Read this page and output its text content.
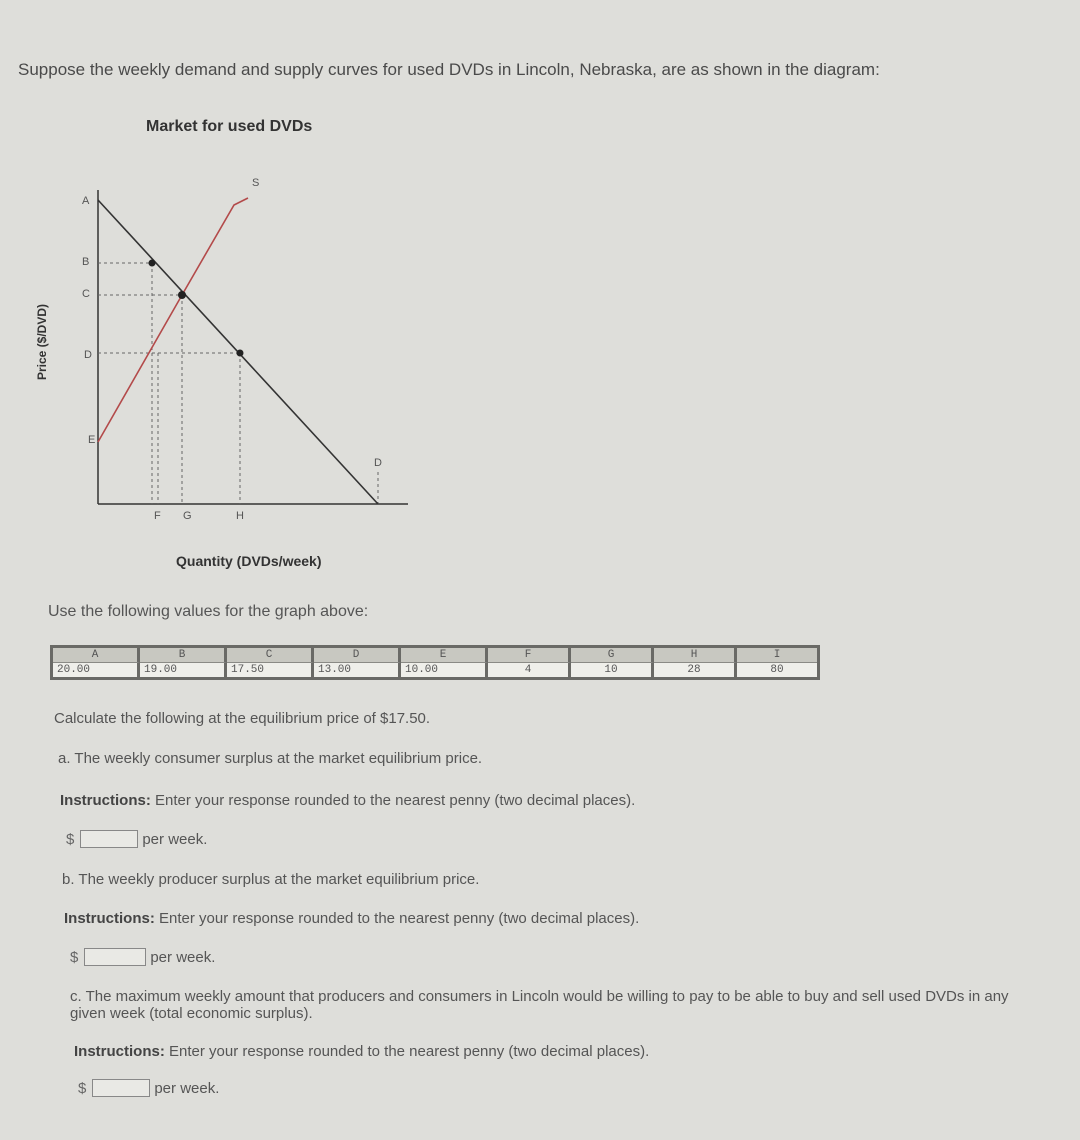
Suppose the weekly demand and supply curves for used DVDs in Lincoln, Nebraska, are as shown in the diagram:
Market for used DVDs
Price ($/DVD)
Quantity (DVDs/week)
A
B
C
D
E
F G	H
S
D
Use the following values for the graph above:
A	B	C	D	E	F	G	H	I
20.00	19.00	17.50	13.00	10.00	4	10	28	80
Calculate the following at the equilibrium price of $17.50.
a. The weekly consumer surplus at the market equilibrium price.
Instructions: Enter your response rounded to the nearest penny (two decimal places).
$	per week.
b. The weekly producer surplus at the market equilibrium price.
Instructions: Enter your response rounded to the nearest penny (two decimal places).
$	per week.
c. The maximum weekly amount that producers and consumers in Lincoln would be willing to pay to be able to buy and sell used DVDs in any given week (total economic surplus).
Instructions: Enter your response rounded to the nearest penny (two decimal places).
$	per week.
